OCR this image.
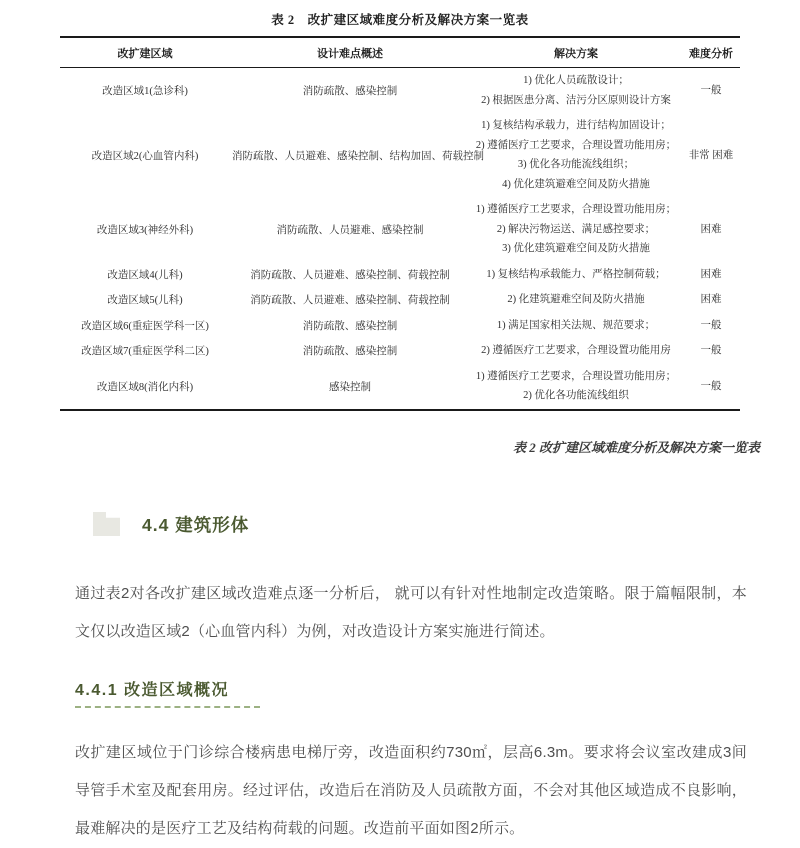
表 2　改扩建区域难度分析及解决方案一览表
改扩建区域	设计难点概述	解决方案	难度分析
改造区域1(急诊科)	消防疏散、感染控制	1) 优化人员疏散设计；
2) 根据医患分离、洁污分区原则设计方案	一般
改造区域2(心血管内科)	消防疏散、人员避难、感染控制、结构加固、荷载控制	1) 复核结构承载力，进行结构加固设计；
2) 遵循医疗工艺要求，合理设置功能用房；
3) 优化各功能流线组织；
4) 优化建筑避难空间及防火措施	非常 困难
改造区域3(神经外科)	消防疏散、人员避难、感染控制	1) 遵循医疗工艺要求，合理设置功能用房；
2) 解决污物运送、满足感控要求；
3) 优化建筑避难空间及防火措施	困难
改造区域4(儿科)	消防疏散、人员避难、感染控制、荷载控制	1) 复核结构承载能力、严格控制荷载；	困难
改造区域5(儿科)	消防疏散、人员避难、感染控制、荷载控制	2) 化建筑避难空间及防火措施	困难
改造区域6(重症医学科一区)	消防疏散、感染控制	1) 满足国家相关法规、规范要求；	一般
改造区域7(重症医学科二区)	消防疏散、感染控制	2) 遵循医疗工艺要求，合理设置功能用房	一般
改造区域8(消化内科)	感染控制	1) 遵循医疗工艺要求，合理设置功能用房；
2) 优化各功能流线组织	一般
表 2 改扩建区域难度分析及解决方案一览表
4.4 建筑形体
通过表2对各改扩建区域改造难点逐一分析后， 就可以有针对性地制定改造策略。限于篇幅限制，本文仅以改造区域2（心血管内科）为例，对改造设计方案实施进行简述。
4.4.1 改造区域概况
改扩建区域位于门诊综合楼病患电梯厅旁，改造面积约730㎡，层高6.3m。要求将会议室改建成3间导管手术室及配套用房。经过评估，改造后在消防及人员疏散方面，不会对其他区域造成不良影响，最难解决的是医疗工艺及结构荷载的问题。改造前平面如图2所示。
